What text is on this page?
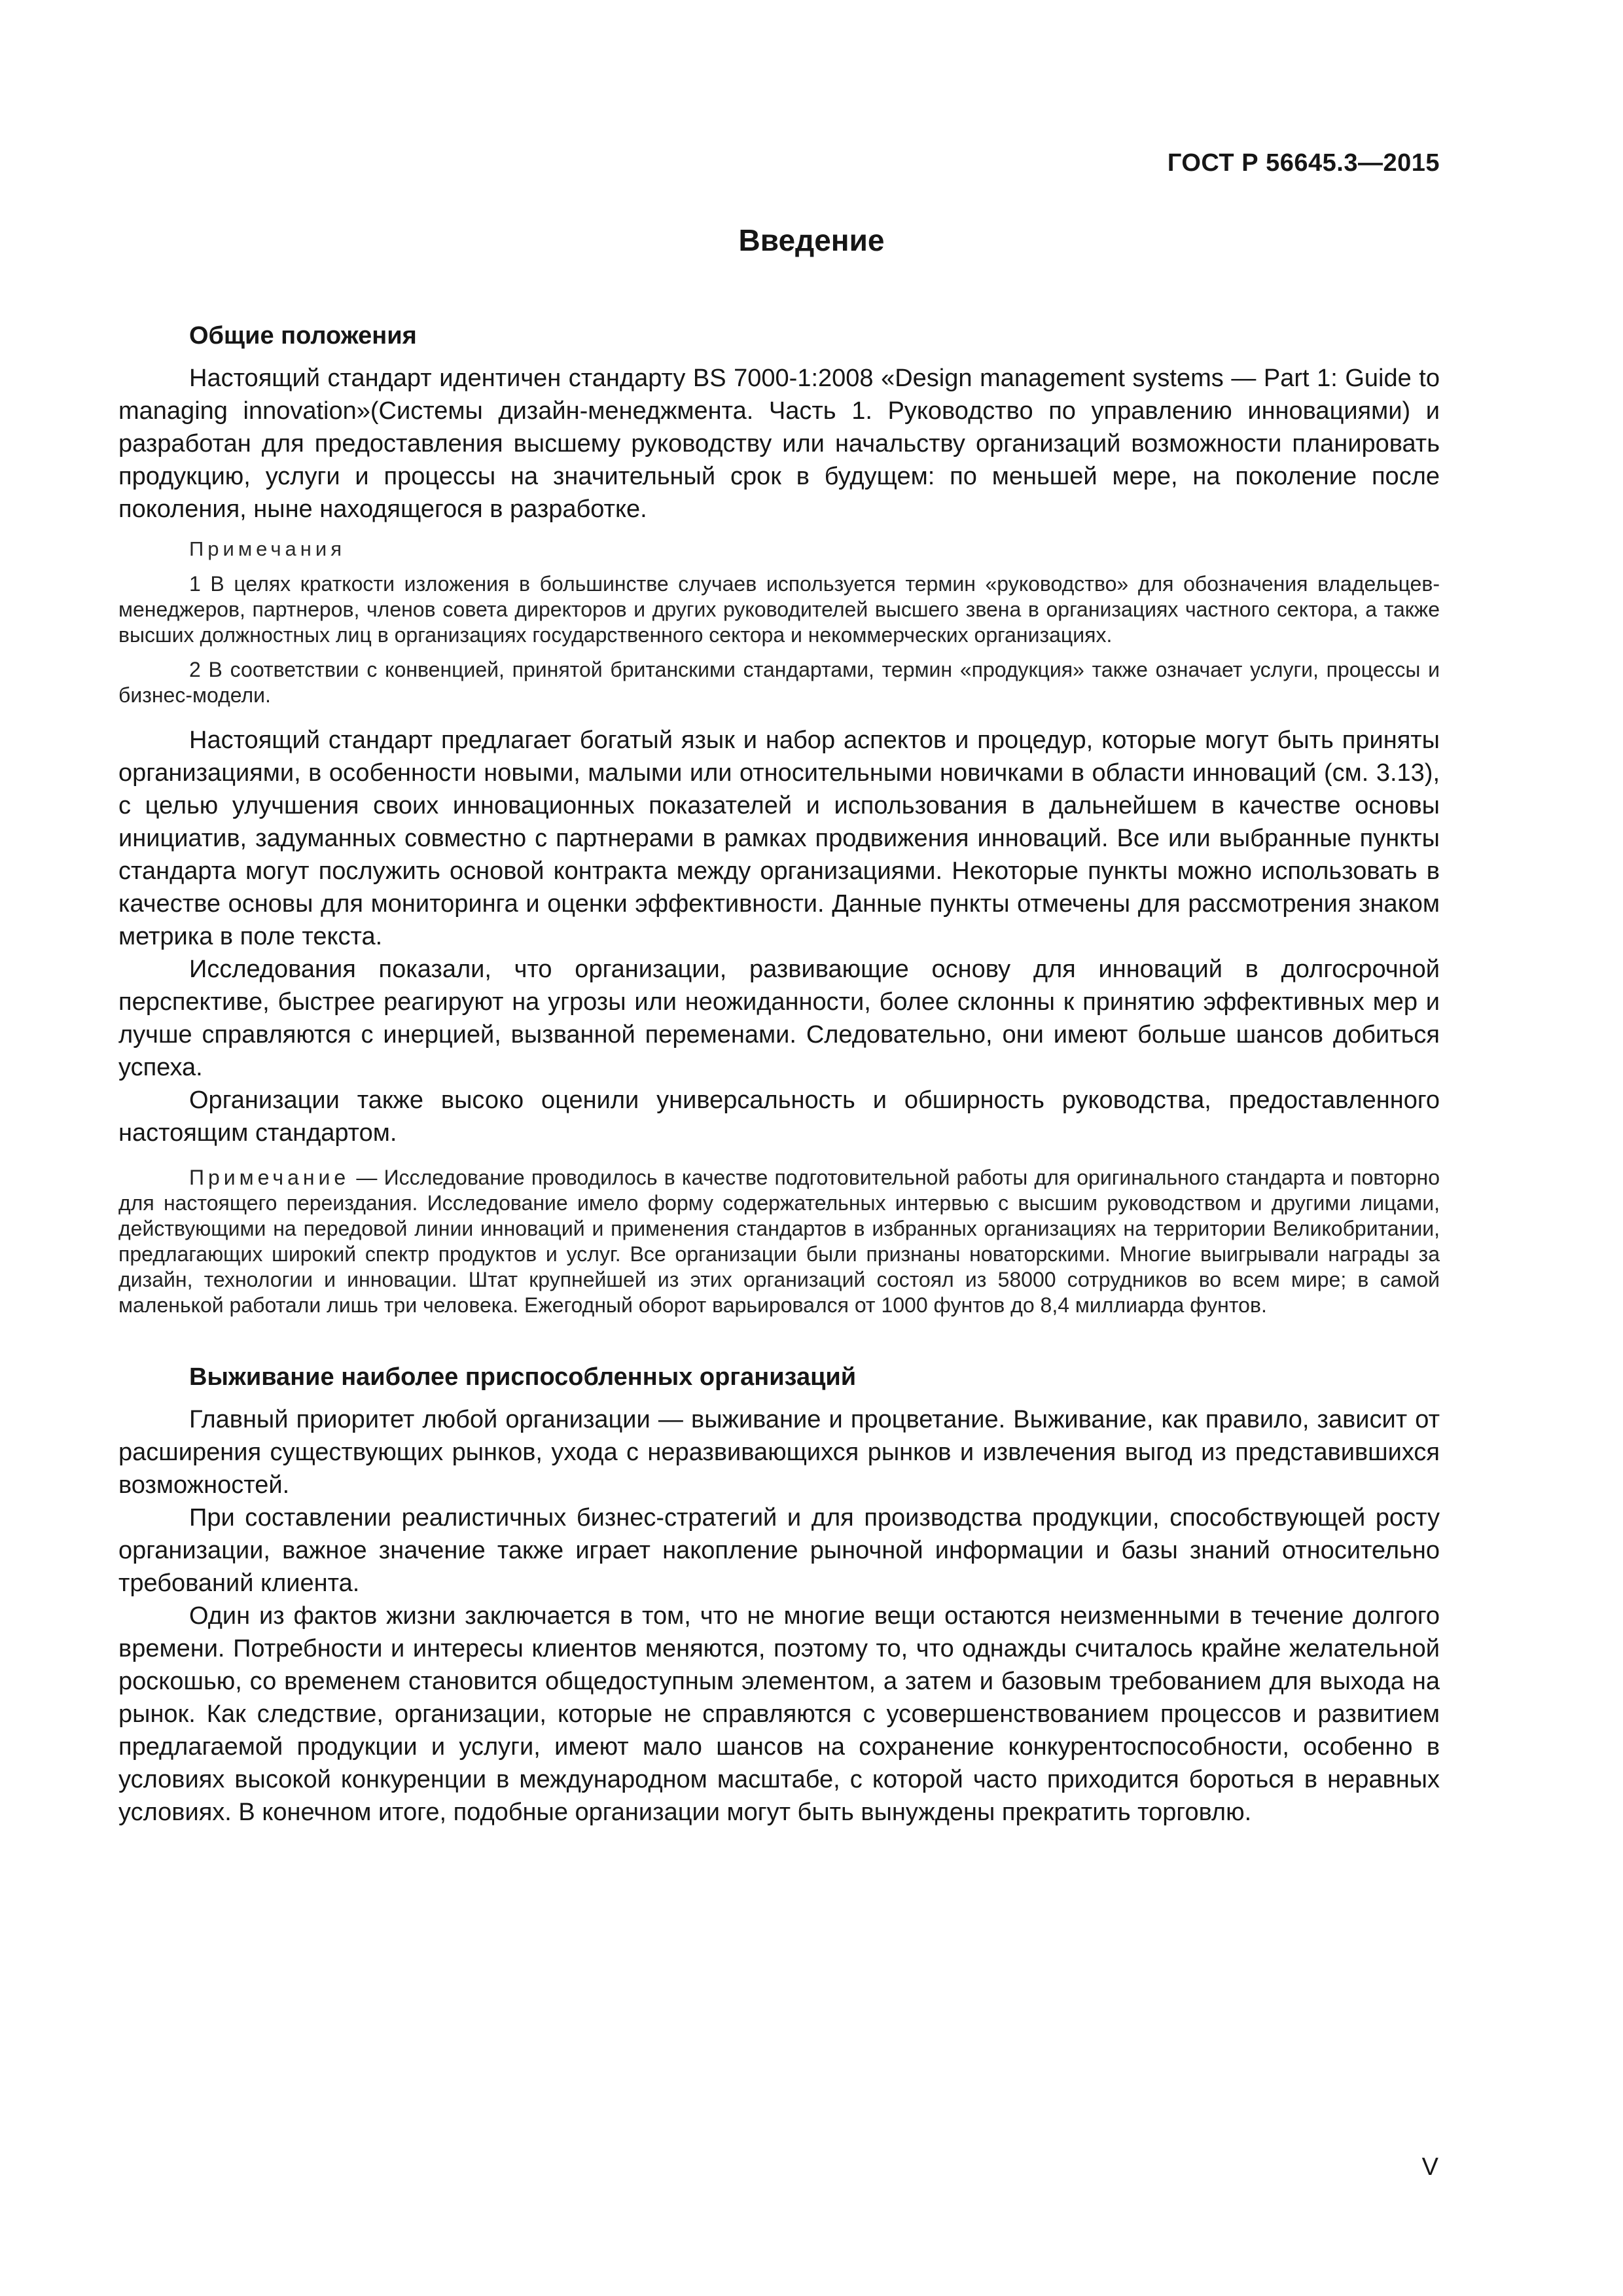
ГОСТ Р 56645.3—2015
Введение

Общие положения

Настоящий стандарт идентичен стандарту BS 7000-1:2008 «Design management systems — Part 1: Guide to managing innovation»(Системы дизайн-менеджмента. Часть 1. Руководство по управлению инновациями) и разработан для предоставления высшему руководству или начальству организаций возможности планировать продукцию, услуги и процессы на значительный срок в будущем: по меньшей мере, на поколение после поколения, ныне находящегося в разработке.

Примечания

1 В целях краткости изложения в большинстве случаев используется термин «руководство» для обозначения владельцев-менеджеров, партнеров, членов совета директоров и других руководителей высшего звена в организациях частного сектора, а также высших должностных лиц в организациях государственного сектора и некоммерческих организациях.

2 В соответствии с конвенцией, принятой британскими стандартами, термин «продукция» также означает услуги, процессы и бизнес-модели.

Настоящий стандарт предлагает богатый язык и набор аспектов и процедур, которые могут быть приняты организациями, в особенности новыми, малыми или относительными новичками в области инноваций (см. 3.13), с целью улучшения своих инновационных показателей и использования в дальнейшем в качестве основы инициатив, задуманных совместно с партнерами в рамках продвижения инноваций. Все или выбранные пункты стандарта могут послужить основой контракта между организациями. Некоторые пункты можно использовать в качестве основы для мониторинга и оценки эффективности. Данные пункты отмечены для рассмотрения знаком метрика в поле текста.

Исследования показали, что организации, развивающие основу для инноваций в долгосрочной перспективе, быстрее реагируют на угрозы или неожиданности, более склонны к принятию эффективных мер и лучше справляются с инерцией, вызванной переменами. Следовательно, они имеют больше шансов добиться успеха.

Организации также высоко оценили универсальность и обширность руководства, предоставленного настоящим стандартом.

Примечание — Исследование проводилось в качестве подготовительной работы для оригинального стандарта и повторно для настоящего переиздания. Исследование имело форму содержательных интервью с высшим руководством и другими лицами, действующими на передовой линии инноваций и применения стандартов в избранных организациях на территории Великобритании, предлагающих широкий спектр продуктов и услуг. Все организации были признаны новаторскими. Многие выигрывали награды за дизайн, технологии и инновации. Штат крупнейшей из этих организаций состоял из 58000 сотрудников во всем мире; в самой маленькой работали лишь три человека. Ежегодный оборот варьировался от 1000 фунтов до 8,4 миллиарда фунтов.

Выживание наиболее приспособленных организаций

Главный приоритет любой организации — выживание и процветание. Выживание, как правило, зависит от расширения существующих рынков, ухода с неразвивающихся рынков и извлечения выгод из представившихся возможностей.

При составлении реалистичных бизнес-стратегий и для производства продукции, способствующей росту организации, важное значение также играет накопление рыночной информации и базы знаний относительно требований клиента.

Один из фактов жизни заключается в том, что не многие вещи остаются неизменными в течение долгого времени. Потребности и интересы клиентов меняются, поэтому то, что однажды считалось крайне желательной роскошью, со временем становится общедоступным элементом, а затем и базовым требованием для выхода на рынок. Как следствие, организации, которые не справляются с усовершенствованием процессов и развитием предлагаемой продукции и услуги, имеют мало шансов на сохранение конкурентоспособности, особенно в условиях высокой конкуренции в международном масштабе, с которой часто приходится бороться в неравных условиях. В конечном итоге, подобные организации могут быть вынуждены прекратить торговлю.

V
